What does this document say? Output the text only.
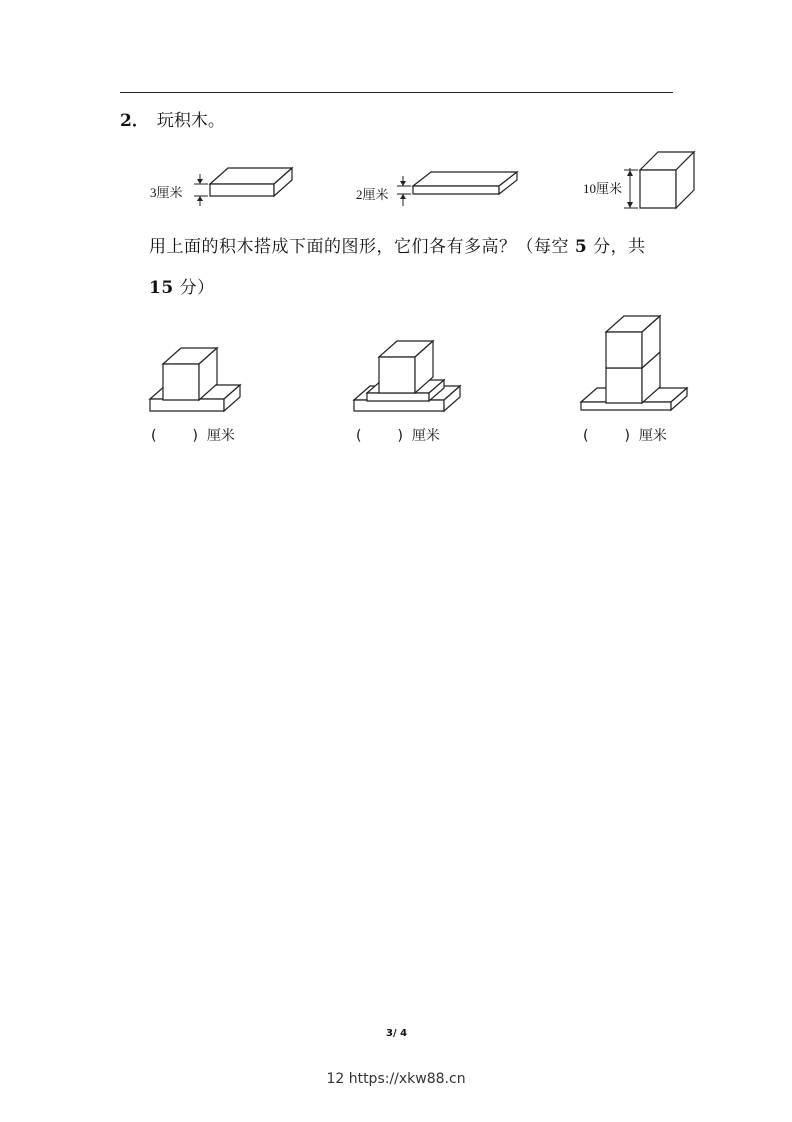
2． 玩积木。
3厘米	2厘米	10厘米
用上面的积木搭成下面的图形，它们各有多高？（每空 5 分，共
15 分）
(	) 厘米	(	) 厘米	(	) 厘米
3/ 4
12 https://xkw88.cn
